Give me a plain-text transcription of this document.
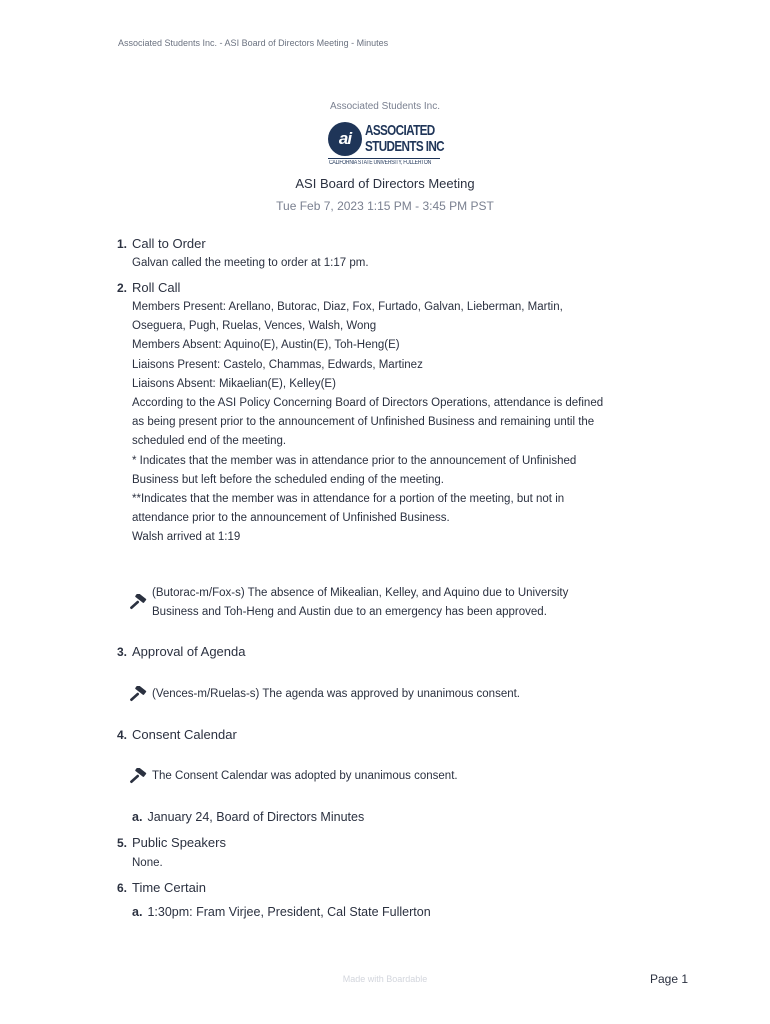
Associated Students Inc. - ASI Board of Directors Meeting - Minutes
Associated Students Inc.
ai ASSOCIATED
STUDENTS INC
CALIFORNIA STATE UNIVERSITY, FULLERTON
ASI Board of Directors Meeting
Tue Feb 7, 2023 1:15 PM - 3:45 PM PST
1. Call to Order
Galvan called the meeting to order at 1:17 pm.
2. Roll Call
Members Present: Arellano, Butorac, Diaz, Fox, Furtado, Galvan, Lieberman, Martin,
Oseguera, Pugh, Ruelas, Vences, Walsh, Wong
Members Absent: Aquino(E), Austin(E), Toh-Heng(E)
Liaisons Present: Castelo, Chammas, Edwards, Martinez
Liaisons Absent: Mikaelian(E), Kelley(E)
According to the ASI Policy Concerning Board of Directors Operations, attendance is defined
as being present prior to the announcement of Unfinished Business and remaining until the
scheduled end of the meeting.
* Indicates that the member was in attendance prior to the announcement of Unfinished
Business but left before the scheduled ending of the meeting.
**Indicates that the member was in attendance for a portion of the meeting, but not in
attendance prior to the announcement of Unfinished Business.
Walsh arrived at 1:19
(Butorac-m/Fox-s) The absence of Mikealian, Kelley, and Aquino due to University
Business and Toh-Heng and Austin due to an emergency has been approved.
3. Approval of Agenda
(Vences-m/Ruelas-s) The agenda was approved by unanimous consent.
4. Consent Calendar
The Consent Calendar was adopted by unanimous consent.
a. January 24, Board of Directors Minutes
5. Public Speakers
None.
6. Time Certain
a. 1:30pm: Fram Virjee, President, Cal State Fullerton
Made with Boardable	Page 1
